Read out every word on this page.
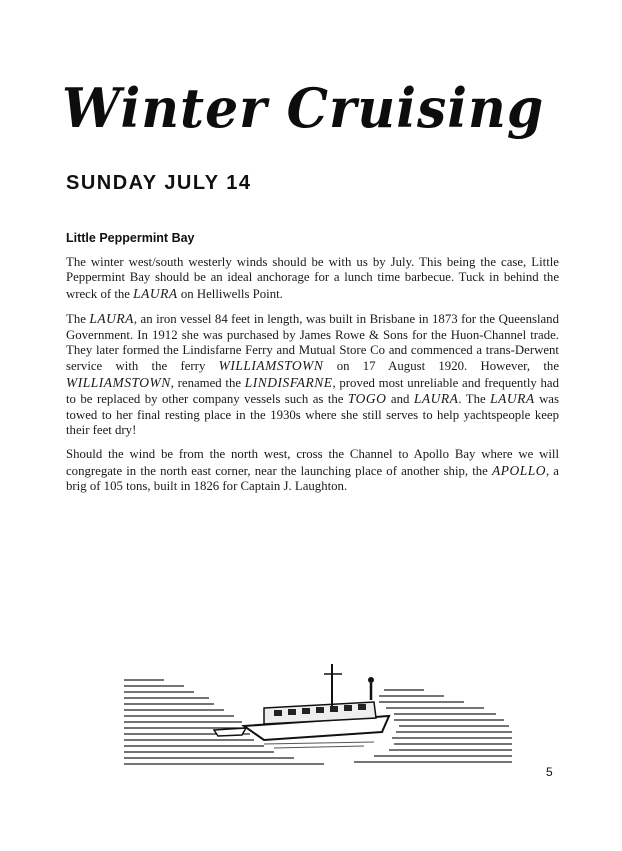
Winter Cruising
SUNDAY JULY 14
Little Peppermint Bay

The winter west/south westerly winds should be with us by July. This being the case, Little Peppermint Bay should be an ideal anchorage for a lunch time barbecue. Tuck in behind the wreck of the LAURA on Helliwells Point.

The LAURA, an iron vessel 84 feet in length, was built in Brisbane in 1873 for the Queensland Government. In 1912 she was purchased by James Rowe & Sons for the Huon-Channel trade. They later formed the Lindisfarne Ferry and Mutual Store Co and commenced a trans-Derwent service with the ferry WILLIAMSTOWN on 17 August 1920. However, the WILLIAMSTOWN, renamed the LINDISFARNE, proved most unreliable and frequently had to be replaced by other company vessels such as the TOGO and LAURA. The LAURA was towed to her final resting place in the 1930s where she still serves to help yachtspeople keep their feet dry!

Should the wind be from the north west, cross the Channel to Apollo Bay where we will congregate in the north east corner, near the launching place of another ship, the APOLLO, a brig of 105 tons, built in 1826 for Captain J. Laughton.

5
